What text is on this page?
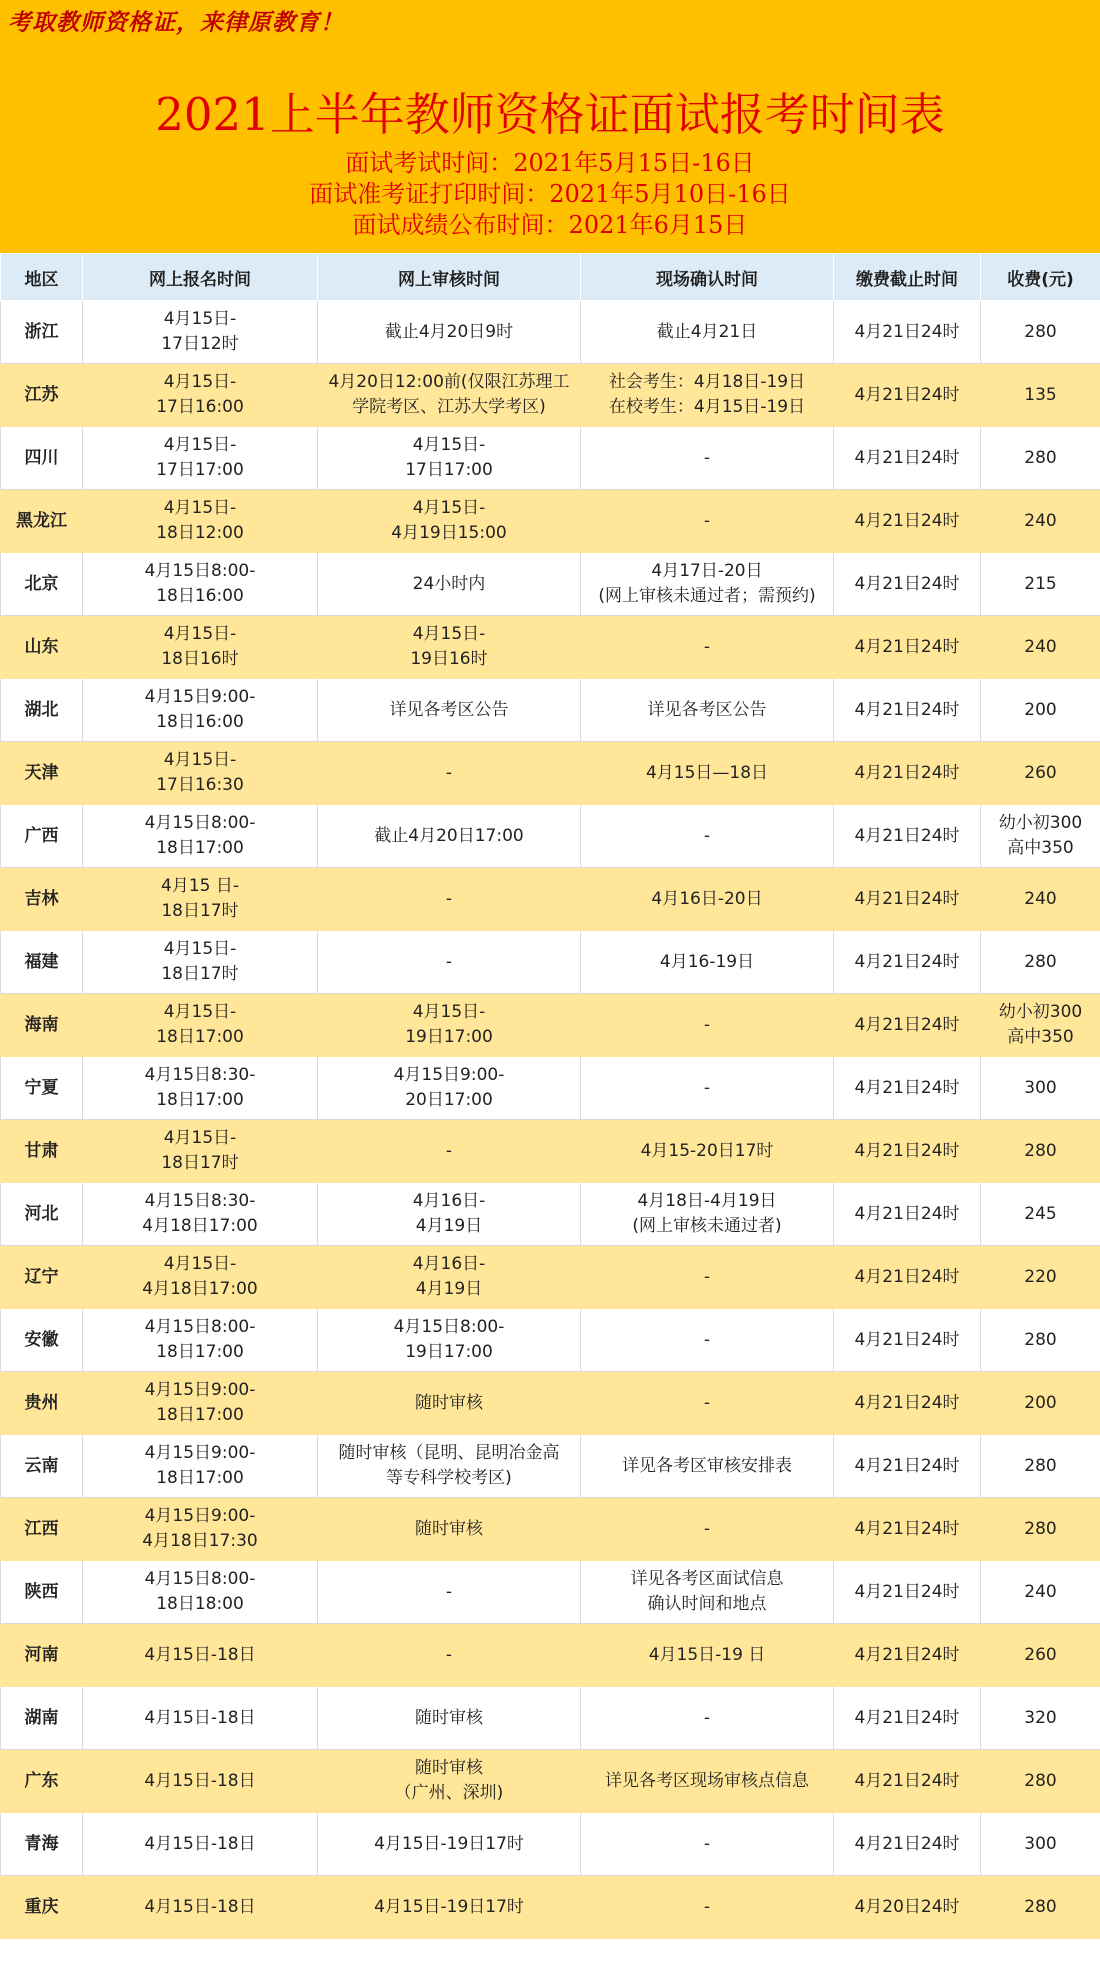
考取教师资格证，来律原教育！
2021上半年教师资格证面试报考时间表
面试考试时间：2021年5月15日-16日
面试准考证打印时间：2021年5月10日-16日
面试成绩公布时间：2021年6月15日
地区	网上报名时间	网上审核时间	现场确认时间	缴费截止时间	收费(元)
浙江	4月15日-
17日12时	截止4月20日9时	截止4月21日	4月21日24时	280

江苏	4月15日-
17日16:00	4月20日12:00前(仅限江苏理工
学院考区、江苏大学考区)	社会考生：4月18日-19日
在校考生：4月15日-19日	4月21日24时	135

四川	4月15日-
17日17:00	4月15日-
17日17:00	-	4月21日24时	280

黑龙江	4月15日-
18日12:00	4月15日-
4月19日15:00	-	4月21日24时	240

北京	4月15日8:00-
18日16:00	24小时内	4月17日-20日
(网上审核未通过者；需预约)	4月21日24时	215

山东	4月15日-
18日16时	4月15日-
19日16时	-	4月21日24时	240

湖北	4月15日9:00-
18日16:00	详见各考区公告	详见各考区公告	4月21日24时	200

天津	4月15日-
17日16:30	-	4月15日—18日	4月21日24时	260

广西	4月15日8:00-
18日17:00	截止4月20日17:00	-	4月21日24时	幼小初300
高中350

吉林	4月15 日-
18日17时	-	4月16日-20日	4月21日24时	240

福建	4月15日-
18日17时	-	4月16-19日	4月21日24时	280

海南	4月15日-
18日17:00	4月15日-
19日17:00	-	4月21日24时	幼小初300
高中350

宁夏	4月15日8:30-
18日17:00	4月15日9:00-
20日17:00	-	4月21日24时	300

甘肃	4月15日-
18日17时	-	4月15-20日17时	4月21日24时	280

河北	4月15日8:30-
4月18日17:00	4月16日-
4月19日	4月18日-4月19日
(网上审核未通过者)	4月21日24时	245

辽宁	4月15日-
4月18日17:00	4月16日-
4月19日	-	4月21日24时	220

安徽	4月15日8:00-
18日17:00	4月15日8:00-
19日17:00	-	4月21日24时	280

贵州	4月15日9:00-
18日17:00	随时审核	-	4月21日24时	200

云南	4月15日9:00-
18日17:00	随时审核（昆明、昆明冶金高
等专科学校考区)	详见各考区审核安排表	4月21日24时	280

江西	4月15日9:00-
4月18日17:30	随时审核	-	4月21日24时	280

陕西	4月15日8:00-
18日18:00	-	详见各考区面试信息
确认时间和地点	4月21日24时	240

河南	4月15日-18日	-	4月15日-19 日	4月21日24时	260

湖南	4月15日-18日	随时审核	-	4月21日24时	320

广东	4月15日-18日	随时审核
（广州、深圳)	详见各考区现场审核点信息	4月21日24时	280

青海	4月15日-18日	4月15日-19日17时	-	4月21日24时	300

重庆	4月15日-18日	4月15日-19日17时	-	4月20日24时	280
